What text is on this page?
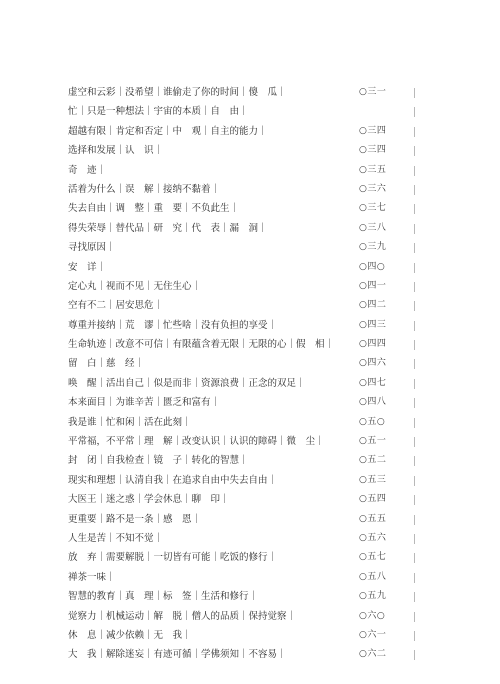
虚空和云彩｜没希望｜谁偷走了你的时间｜傻　瓜｜	○三一
忙｜只是一种想法｜宇宙的本质｜自　由｜
超越有限｜肯定和否定｜中　观｜自主的能力｜	○三四
选择和发展｜认　识｜	○三四
奇　迹｜	○三五
活着为什么｜误　解｜接纳不黏着｜	○三六
失去自由｜调　整｜重　要｜不负此生｜	○三七
得失荣辱｜替代品｜研　究｜代　表｜漏　洞｜	○三八
寻找原因｜	○三九
安　详｜	○四○
定心丸｜视而不见｜无住生心｜	○四一
空有不二｜居安思危｜	○四二
尊重并接纳｜荒　谬｜忙些啥｜没有负担的享受｜	○四三
生命轨迹｜改意不可信｜有限蕴含着无限｜无限的心｜假　相｜	○四四
留　白｜慈　经｜	○四六
唤　醒｜活出自己｜似是而非｜资源浪费｜正念的双足｜	○四七
本来面目｜为谁辛苦｜匮乏和富有｜	○四八
我是谁｜忙和闲｜活在此刻｜	○五○
平常福，不平常｜理　解｜改变认识｜认识的障碍｜微　尘｜	○五一
封　闭｜自我检查｜镜　子｜转化的智慧｜	○五二
现实和理想｜认清自我｜在追求自由中失去自由｜	○五三
大医王｜迷之惑｜学会休息｜聊　印｜	○五四
更重要｜路不是一条｜感　恩｜	○五五
人生是苦｜不知不觉｜	○五六
放　弃｜需要解脱｜一切皆有可能｜吃饭的修行｜	○五七
禅茶一味｜	○五八
智慧的教育｜真　理｜标　签｜生活和修行｜	○五九
觉察力｜机械运动｜解　脱｜僧人的品质｜保持觉察｜	○六○
休　息｜减少依赖｜无　我｜	○六一
大　我｜解除迷妄｜有迹可循｜学佛须知｜不容易｜	○六二
